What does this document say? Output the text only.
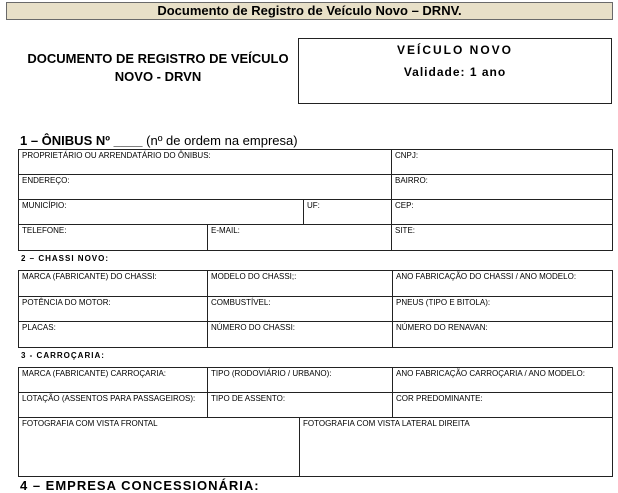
Documento de Registro de Veículo Novo – DRNV.
DOCUMENTO DE REGISTRO DE VEÍCULO
NOVO - DRVN
VEÍCULO NOVO
Validade: 1 ano
1 – ÔNIBUS Nº ____ (nº de ordem na empresa)
PROPRIETÁRIO OU ARRENDATÁRIO DO ÔNIBUS:	CNPJ:
ENDEREÇO:	BAIRRO:
MUNICÍPIO:	UF:	CEP:
TELEFONE:	E-MAIL:	SITE:
2 – CHASSI NOVO:
MARCA (FABRICANTE) DO CHASSI:	MODELO DO CHASSI;:	ANO FABRICAÇÃO DO CHASSI / ANO MODELO:
POTÊNCIA DO MOTOR:	COMBUSTÍVEL:	PNEUS (TIPO E BITOLA):
PLACAS:	NÚMERO DO CHASSI:	NÚMERO DO RENAVAN:
3 - CARROÇARIA:
MARCA (FABRICANTE) CARROÇARIA:	TIPO (RODOVIÁRIO / URBANO):	ANO FABRICAÇÃO CARROÇARIA / ANO MODELO:
LOTAÇÃO (ASSENTOS PARA PASSAGEIROS):	TIPO DE ASSENTO:	COR PREDOMINANTE:
FOTOGRAFIA COM VISTA FRONTAL	FOTOGRAFIA COM VISTA LATERAL DIREITA
4 – EMPRESA CONCESSIONÁRIA:
